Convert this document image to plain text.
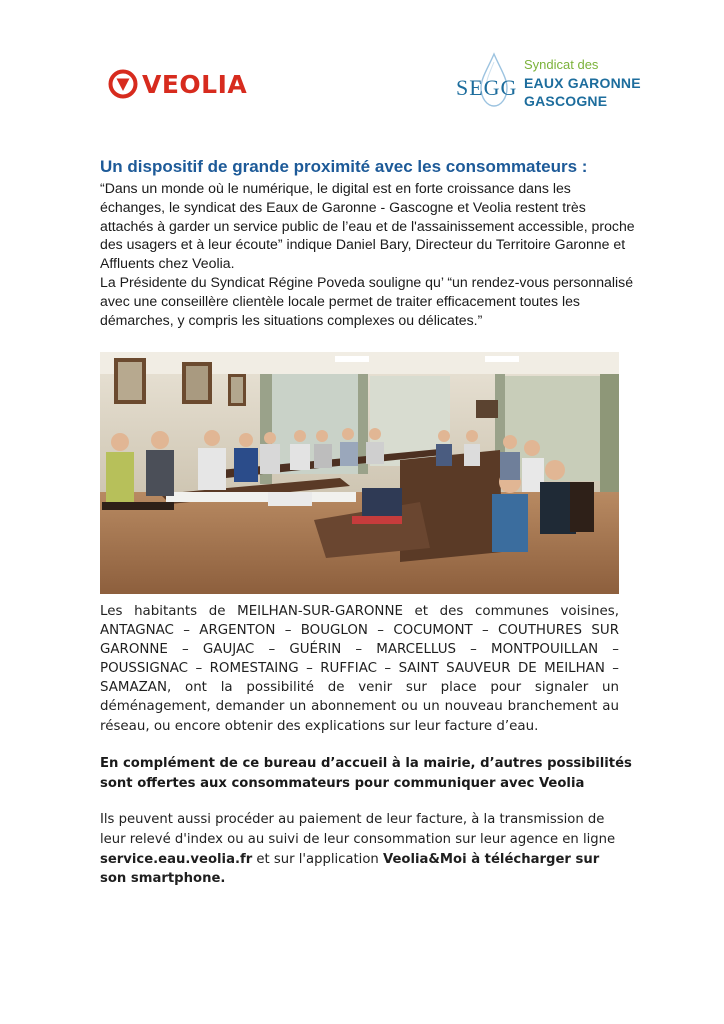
VEOLIA	SEGG
Syndicat des
EAUX GARONNE
GASCOGNE
Un dispositif de grande proximité avec les consommateurs :

“Dans un monde où le numérique, le digital est en forte croissance dans les échanges, le syndicat des Eaux de Garonne - Gascogne et Veolia restent très attachés à garder un service public de l’eau et de l'assainissement accessible, proche des usagers et à leur écoute” indique Daniel Bary, Directeur du Territoire Garonne et Affluents chez Veolia.

La Présidente du Syndicat Régine Poveda souligne qu’ “un rendez-vous personnalisé avec une conseillère clientèle locale permet de traiter efficacement toutes les démarches, y compris les situations complexes ou délicates.”

Les habitants de MEILHAN-SUR-GARONNE et des communes voisines, ANTAGNAC – ARGENTON – BOUGLON – COCUMONT – COUTHURES SUR GARONNE – GAUJAC – GUÉRIN – MARCELLUS – MONTPOUILLAN – POUSSIGNAC – ROMESTAING – RUFFIAC – SAINT SAUVEUR DE MEILHAN – SAMAZAN, ont la possibilité de venir sur place pour signaler un déménagement, demander un abonnement ou un nouveau branchement au réseau, ou encore obtenir des explications sur leur facture d’eau.

En complément de ce bureau d’accueil à la mairie, d’autres possibilités
sont offertes aux consommateurs pour communiquer avec Veolia

Ils peuvent aussi procéder au paiement de leur facture, à la transmission de leur relevé d'index ou au suivi de leur consommation sur leur agence en ligne service.eau.veolia.fr et sur l'application Veolia&Moi à télécharger sur son smartphone.
